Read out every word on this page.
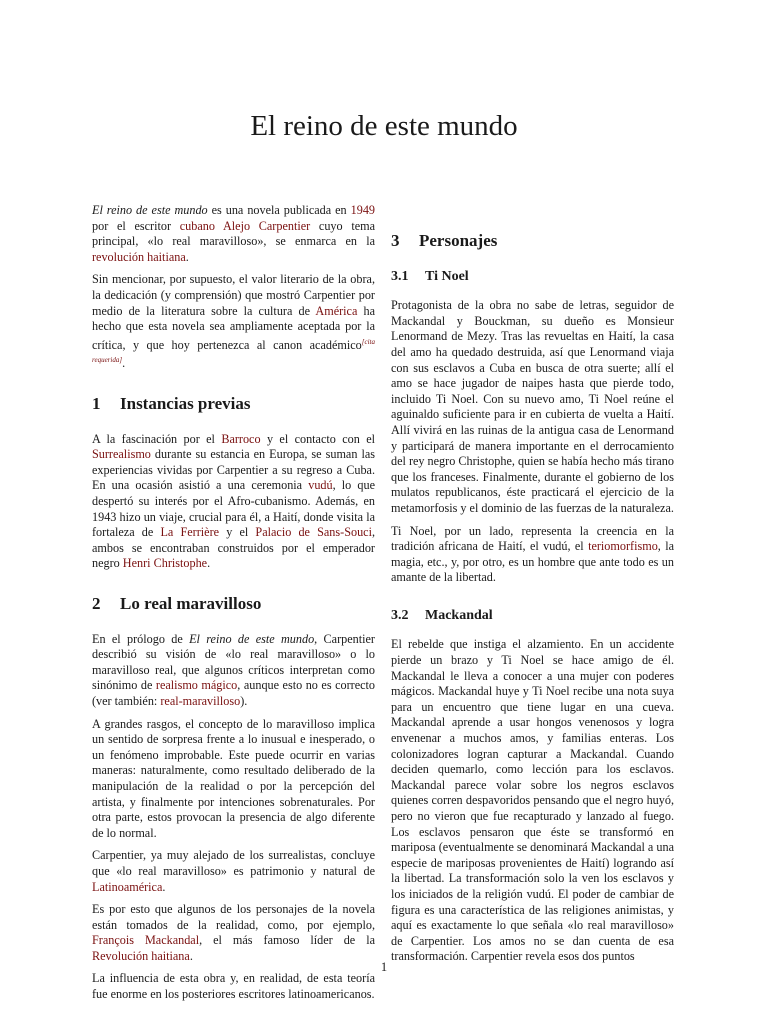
El reino de este mundo

El reino de este mundo es una novela publicada en 1949 por el escritor cubano Alejo Carpentier cuyo tema principal, «lo real maravilloso», se enmarca en la revolución haitiana.

Sin mencionar, por supuesto, el valor literario de la obra, la dedicación (y comprensión) que mostró Carpentier por medio de la literatura sobre la cultura de América ha hecho que esta novela sea ampliamente aceptada por la crítica, y que hoy pertenezca al canon académico[cita requerida].

1 Instancias previas

A la fascinación por el Barroco y el contacto con el Surrealismo durante su estancia en Europa, se suman las experiencias vividas por Carpentier a su regreso a Cuba. En una ocasión asistió a una ceremonia vudú, lo que despertó su interés por el Afro-cubanismo. Además, en 1943 hizo un viaje, crucial para él, a Haití, donde visita la fortaleza de La Ferrière y el Palacio de Sans-Souci, ambos se encontraban construidos por el emperador negro Henri Christophe.

2 Lo real maravilloso

En el prólogo de El reino de este mundo, Carpentier describió su visión de «lo real maravilloso» o lo maravilloso real, que algunos críticos interpretan como sinónimo de realismo mágico, aunque esto no es correcto (ver también: real-maravilloso).

A grandes rasgos, el concepto de lo maravilloso implica un sentido de sorpresa frente a lo inusual e inesperado, o un fenómeno improbable. Este puede ocurrir en varias maneras: naturalmente, como resultado deliberado de la manipulación de la realidad o por la percepción del artista, y finalmente por intenciones sobrenaturales. Por otra parte, estos provocan la presencia de algo diferente de lo normal.

Carpentier, ya muy alejado de los surrealistas, concluye que «lo real maravilloso» es patrimonio y natural de Latinoamérica.

Es por esto que algunos de los personajes de la novela están tomados de la realidad, como, por ejemplo, François Mackandal, el más famoso líder de la Revolución haitiana.

La influencia de esta obra y, en realidad, de esta teoría fue enorme en los posteriores escritores latinoamericanos.

3 Personajes
3.1 Ti Noel

Protagonista de la obra no sabe de letras, seguidor de Mackandal y Bouckman, su dueño es Monsieur Lenormand de Mezy. Tras las revueltas en Haití, la casa del amo ha quedado destruida, así que Lenormand viaja con sus esclavos a Cuba en busca de otra suerte; allí el amo se hace jugador de naipes hasta que pierde todo, incluido Ti Noel. Con su nuevo amo, Ti Noel reúne el aguinaldo suficiente para ir en cubierta de vuelta a Haití. Allí vivirá en las ruinas de la antigua casa de Lenormand y participará de manera importante en el derrocamiento del rey negro Christophe, quien se había hecho más tirano que los franceses. Finalmente, durante el gobierno de los mulatos republicanos, éste practicará el ejercicio de la metamorfosis y el dominio de las fuerzas de la naturaleza.

Ti Noel, por un lado, representa la creencia en la tradición africana de Haití, el vudú, el teriomorfismo, la magia, etc., y, por otro, es un hombre que ante todo es un amante de la libertad.

3.2 Mackandal

El rebelde que instiga el alzamiento. En un accidente pierde un brazo y Ti Noel se hace amigo de él. Mackandal le lleva a conocer a una mujer con poderes mágicos. Mackandal huye y Ti Noel recibe una nota suya para un encuentro que tiene lugar en una cueva. Mackandal aprende a usar hongos venenosos y logra envenenar a muchos amos, y familias enteras. Los colonizadores logran capturar a Mackandal. Cuando deciden quemarlo, como lección para los esclavos. Mackandal parece volar sobre los negros esclavos quienes corren despavoridos pensando que el negro huyó, pero no vieron que fue recapturado y lanzado al fuego. Los esclavos pensaron que éste se transformó en mariposa (eventualmente se denominará Mackandal a una especie de mariposas provenientes de Haití) logrando así la libertad. La transformación solo la ven los esclavos y los iniciados de la religión vudú. El poder de cambiar de figura es una característica de las religiones animistas, y aquí es exactamente lo que señala «lo real maravilloso» de Carpentier. Los amos no se dan cuenta de esa transformación. Carpentier revela esos dos puntos

1
